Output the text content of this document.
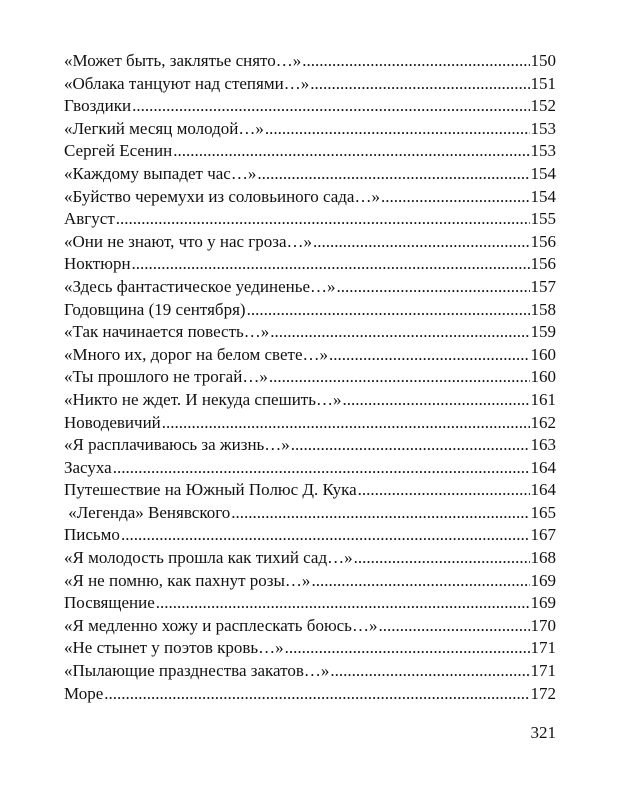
«Может быть, заклятье снято…» .....	150
«Облака танцуют над степями…» .....	151
Гвоздики .....	152
«Легкий месяц молодой…» .....	153
Сергей Есенин .....	153
«Каждому выпадет час…» .....	154
«Буйство черемухи из соловьиного сада…» .....	154
Август .....	155
«Они не знают, что у нас гроза…» .....	156
Ноктюрн .....	156
«Здесь фантастическое уединенье…» .....	157
Годовщина (19 сентября) .....	158
«Так начинается повесть…» .....	159
«Много их, дорог на белом свете…» .....	160
«Ты прошлого не трогай…» .....	160
«Никто не ждет. И некуда спешить…» .....	161
Новодевичий .....	162
«Я расплачиваюсь за жизнь…» .....	163
Засуха .....	164
Путешествие на Южный Полюс Д. Кука .....	164
«Легенда» Венявского .....	165
Письмо .....	167
«Я молодость прошла как тихий сад…» .....	168
«Я не помню, как пахнут розы…» .....	169
Посвящение .....	169
«Я медленно хожу и расплескать боюсь…» .....	170
«Не стынет у поэтов кровь…» .....	171
«Пылающие празднества закатов…» .....	171
Море .....	172
321
